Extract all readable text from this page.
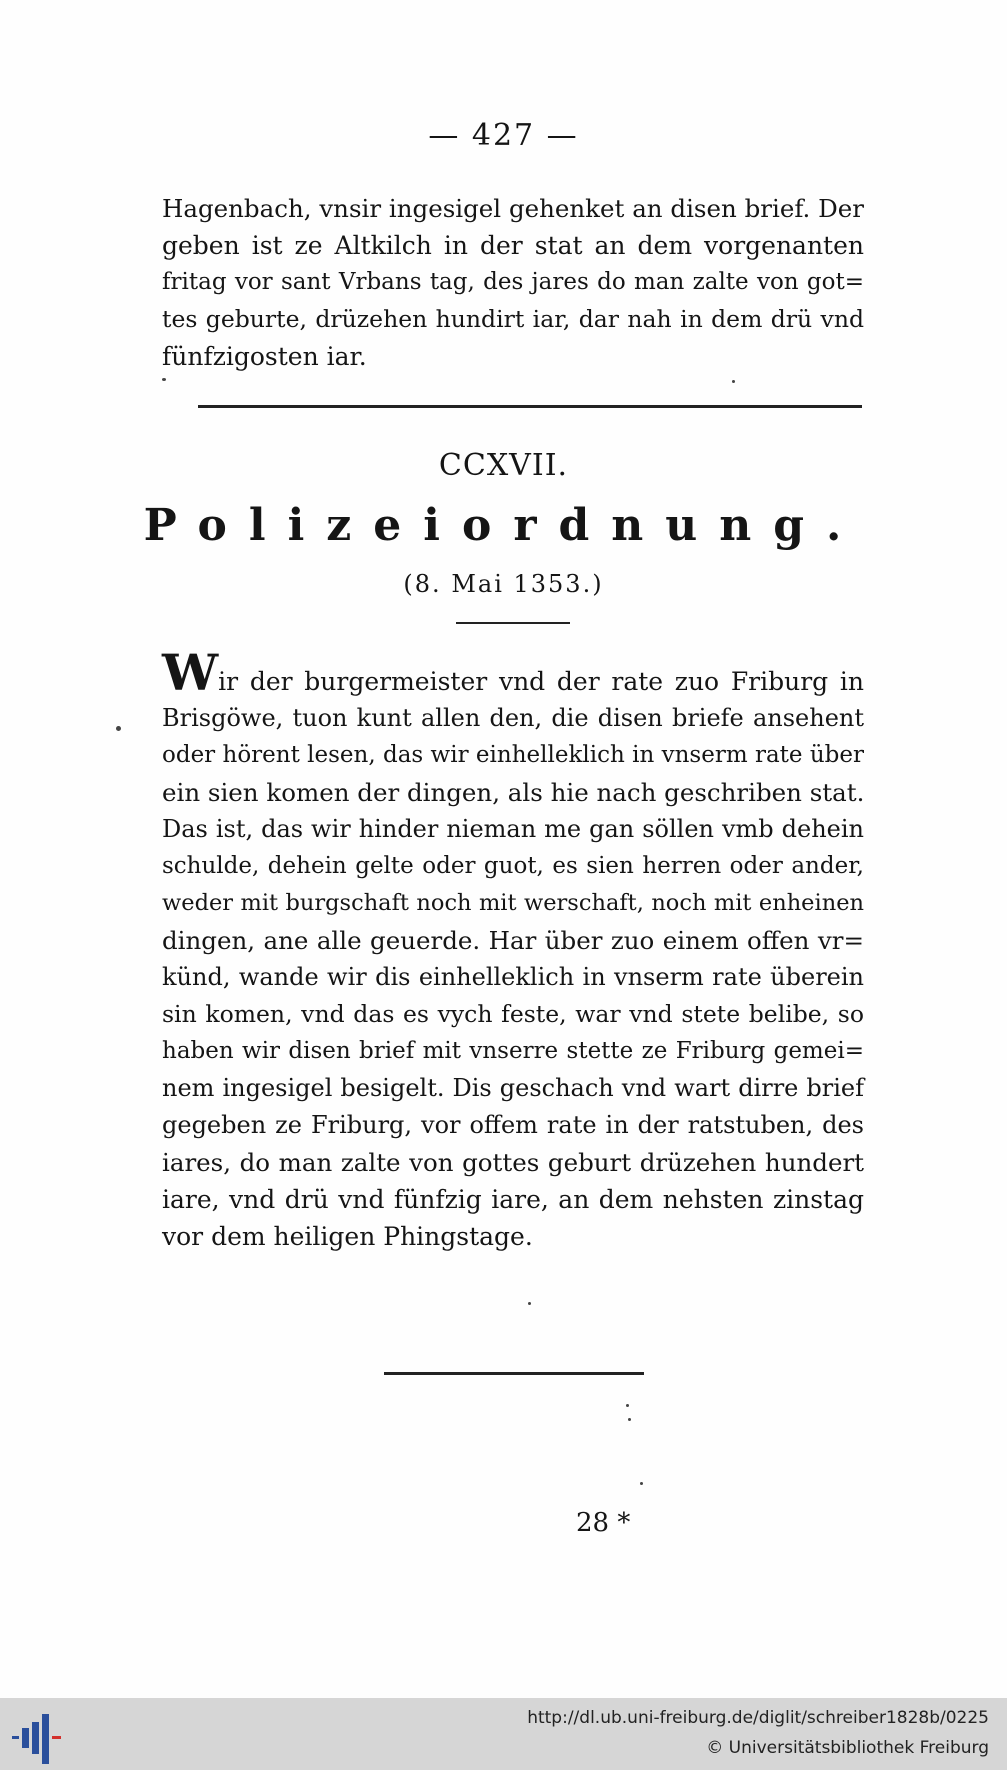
— 427 —

Hagenbach, vnsir ingesigel gehenket an disen brief. Der
geben ist ze Altkilch in der stat an dem vorgenanten
fritag vor sant Vrbans tag, des jares do man zalte von got=
tes geburte, drüzehen hundirt iar, dar nah in dem drü vnd
fünfzigosten iar.

CCXVII.
Polizeiordnung.
(8. Mai 1353.)

Wir der burgermeister vnd der rate zuo Friburg in
Brisgöwe, tuon kunt allen den, die disen briefe ansehent
oder hörent lesen, das wir einhelleklich in vnserm rate über
ein sien komen der dingen, als hie nach geschriben stat.
Das ist, das wir hinder nieman me gan söllen vmb dehein
schulde, dehein gelte oder guot, es sien herren oder ander,
weder mit burgschaft noch mit werschaft, noch mit enheinen
dingen, ane alle geuerde. Har über zuo einem offen vr=
künd, wande wir dis einhelleklich in vnserm rate überein
sin komen, vnd das es vych feste, war vnd stete belibe, so
haben wir disen brief mit vnserre stette ze Friburg gemei=
nem ingesigel besigelt. Dis geschach vnd wart dirre brief
gegeben ze Friburg, vor offem rate in der ratstuben, des
iares, do man zalte von gottes geburt drüzehen hundert
iare, vnd drü vnd fünfzig iare, an dem nehsten zinstag
vor dem heiligen Phingstage.

28 *
http://dl.ub.uni-freiburg.de/diglit/schreiber1828b/0225
© Universitätsbibliothek Freiburg
